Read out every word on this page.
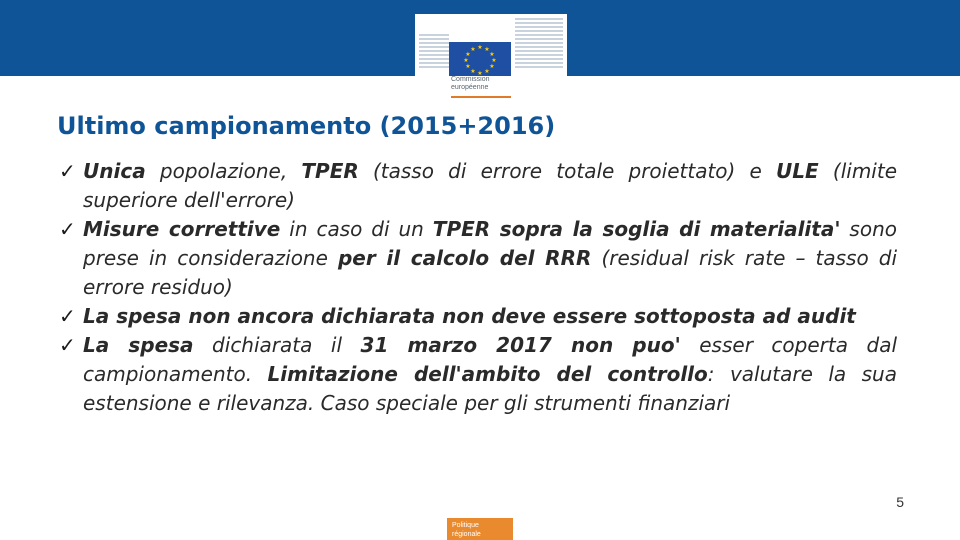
★ ★
★
★
★
★
★
★
★
★
★
★
Commission
européenne
Ultimo campionamento (2015+2016)
✓ Unica popolazione, TPER (tasso di errore totale proiettato) e ULE (limite superiore dell'errore)
✓ Misure correttive in caso di un TPER sopra la soglia di materialita' sono prese in considerazione per il calcolo del RRR (residual risk rate – tasso di errore residuo)
✓ La spesa non ancora dichiarata non deve essere sottoposta ad audit
✓ La spesa dichiarata il 31 marzo 2017 non puo' esser coperta dal campionamento. Limitazione dell'ambito del controllo: valutare la sua estensione e rilevanza. Caso speciale per gli strumenti finanziari
5
Politique
régionale
